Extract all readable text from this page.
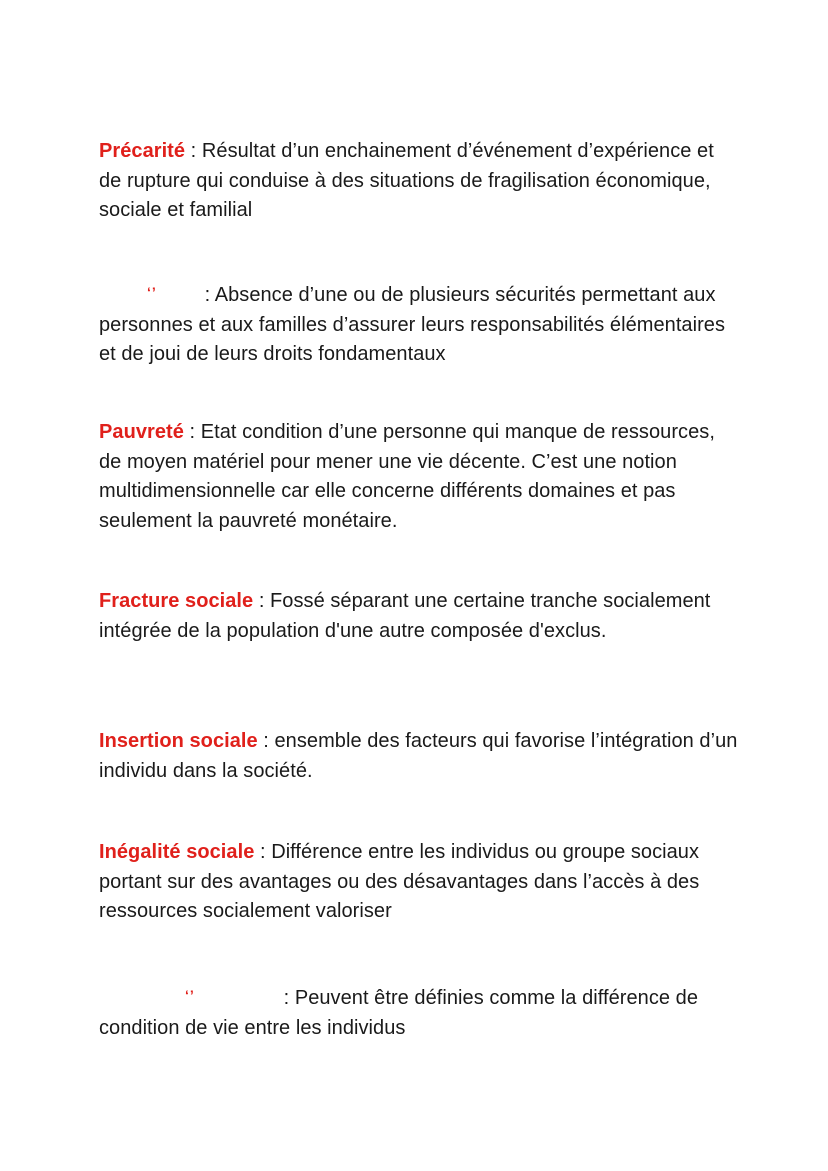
Précarité : Résultat d’un enchainement d’événement d’expérience et de rupture qui conduise à des situations de fragilisation économique, sociale et familial

‘’ : Absence d’une ou de plusieurs sécurités permettant aux personnes et aux familles d’assurer leurs responsabilités élémentaires et de joui de leurs droits fondamentaux

Pauvreté : Etat condition d’une personne qui manque de ressources, de moyen matériel pour mener une vie décente. C’est une notion multidimensionnelle car elle concerne différents domaines et pas seulement la pauvreté monétaire.

Fracture sociale : Fossé séparant une certaine tranche socialement intégrée de la population d'une autre composée d'exclus.

Insertion sociale : ensemble des facteurs qui favorise l’intégration d’un individu dans la société.

Inégalité sociale : Différence entre les individus ou groupe sociaux portant sur des avantages ou des désavantages dans l’accès à des ressources socialement valoriser

‘’	: Peuvent être définies comme la différence de condition de vie entre les individus
